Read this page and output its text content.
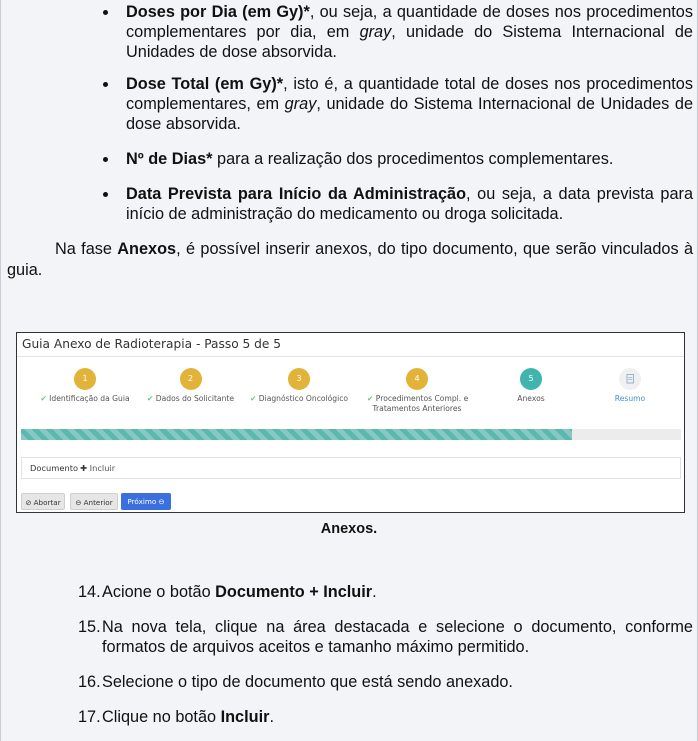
Doses por Dia (em Gy)*, ou seja, a quantidade de doses nos procedimentos complementares por dia, em gray, unidade do Sistema Internacional de Unidades de dose absorvida.
Dose Total (em Gy)*, isto é, a quantidade total de doses nos procedimentos complementares, em gray, unidade do Sistema Internacional de Unidades de dose absorvida.
Nº de Dias* para a realização dos procedimentos complementares.
Data Prevista para Início da Administração, ou seja, a data prevista para início de administração do medicamento ou droga solicitada.

Na fase Anexos, é possível inserir anexos, do tipo documento, que serão vinculados à guia.

Guia Anexo de Radioterapia - Passo 5 de 5
1
✔ Identificação da Guia
2
✔ Dados do Solicitante
3
✔ Diagnóstico Oncológico
4
✔ Procedimentos Compl. e
Tratamentos Anteriores
5
Anexos	Resumo
Documento ✚ Incluir
⊘ Abortar	⊖ Anterior	Próximo ⊖
Anexos.
14. Acione o botão Documento + Incluir.
15. Na nova tela, clique na área destacada e selecione o documento, conforme formatos de arquivos aceitos e tamanho máximo permitido.
16. Selecione o tipo de documento que está sendo anexado.
17. Clique no botão Incluir.
